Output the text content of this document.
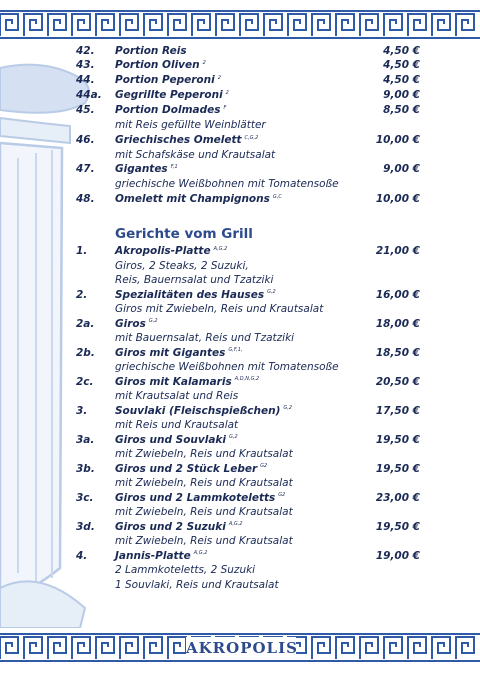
42. Portion Reis	4,50 €
43. Portion Oliven $^2$	4,50 €
44. Portion Peperoni $^2$	4,50 €
44a. Gegrillte Peperoni $^2$	9,00 €
45. Portion Dolmades $^F$	8,50 €
mit Reis gefüllte Weinblätter
46. Griechisches Omelett $^{C,G,2}$	10,00 €
mit Schafskäse und Krautsalat
47. Gigantes $^{F,1}$	9,00 €
griechische Weißbohnen mit Tomatensoße
48. Omelett mit Champignons $^{G,C}$	10,00 €
1.	Akropolis-Platte $^{A,G,2}$	21,00 €
Giros, 2 Steaks, 2 Suzuki,
Reis, Bauernsalat und Tzatziki
2.	Spezialitäten des Hauses $^{G,2}$	16,00 €
Giros mit Zwiebeln, Reis und Krautsalat
2a. Giros $^{G,2}$	18,00 €
mit Bauernsalat, Reis und Tzatziki
2b. Giros mit Gigantes $^{G,F,1,}$	18,50 €
griechische Weißbohnen mit Tomatensoße
2c. Giros mit Kalamaris $^{A,D,N,G,2}$	20,50 €
mit Krautsalat und Reis
3.	Souvlaki (Fleischspießchen) $^{G,2}$	17,50 €
mit Reis und Krautsalat
3a. Giros und Souvlaki $^{G,2}$	19,50 €
mit Zwiebeln, Reis und Krautsalat
3b. Giros und 2 Stück Leber $^{G2}$	19,50 €
mit Zwiebeln, Reis und Krautsalat
3c. Giros und 2 Lammkoteletts $^{G2}$	23,00 €
mit Zwiebeln, Reis und Krautsalat
3d. Giros und 2 Suzuki $^{A,G,2}$	19,50 €
mit Zwiebeln, Reis und Krautsalat
4.	Jannis-Platte $^{A,G,2}$	19,00 €
2 Lammkoteletts, 2 Suzuki
1 Souvlaki, Reis und Krautsalat
Gerichte vom Grill
AKROPOLIS
